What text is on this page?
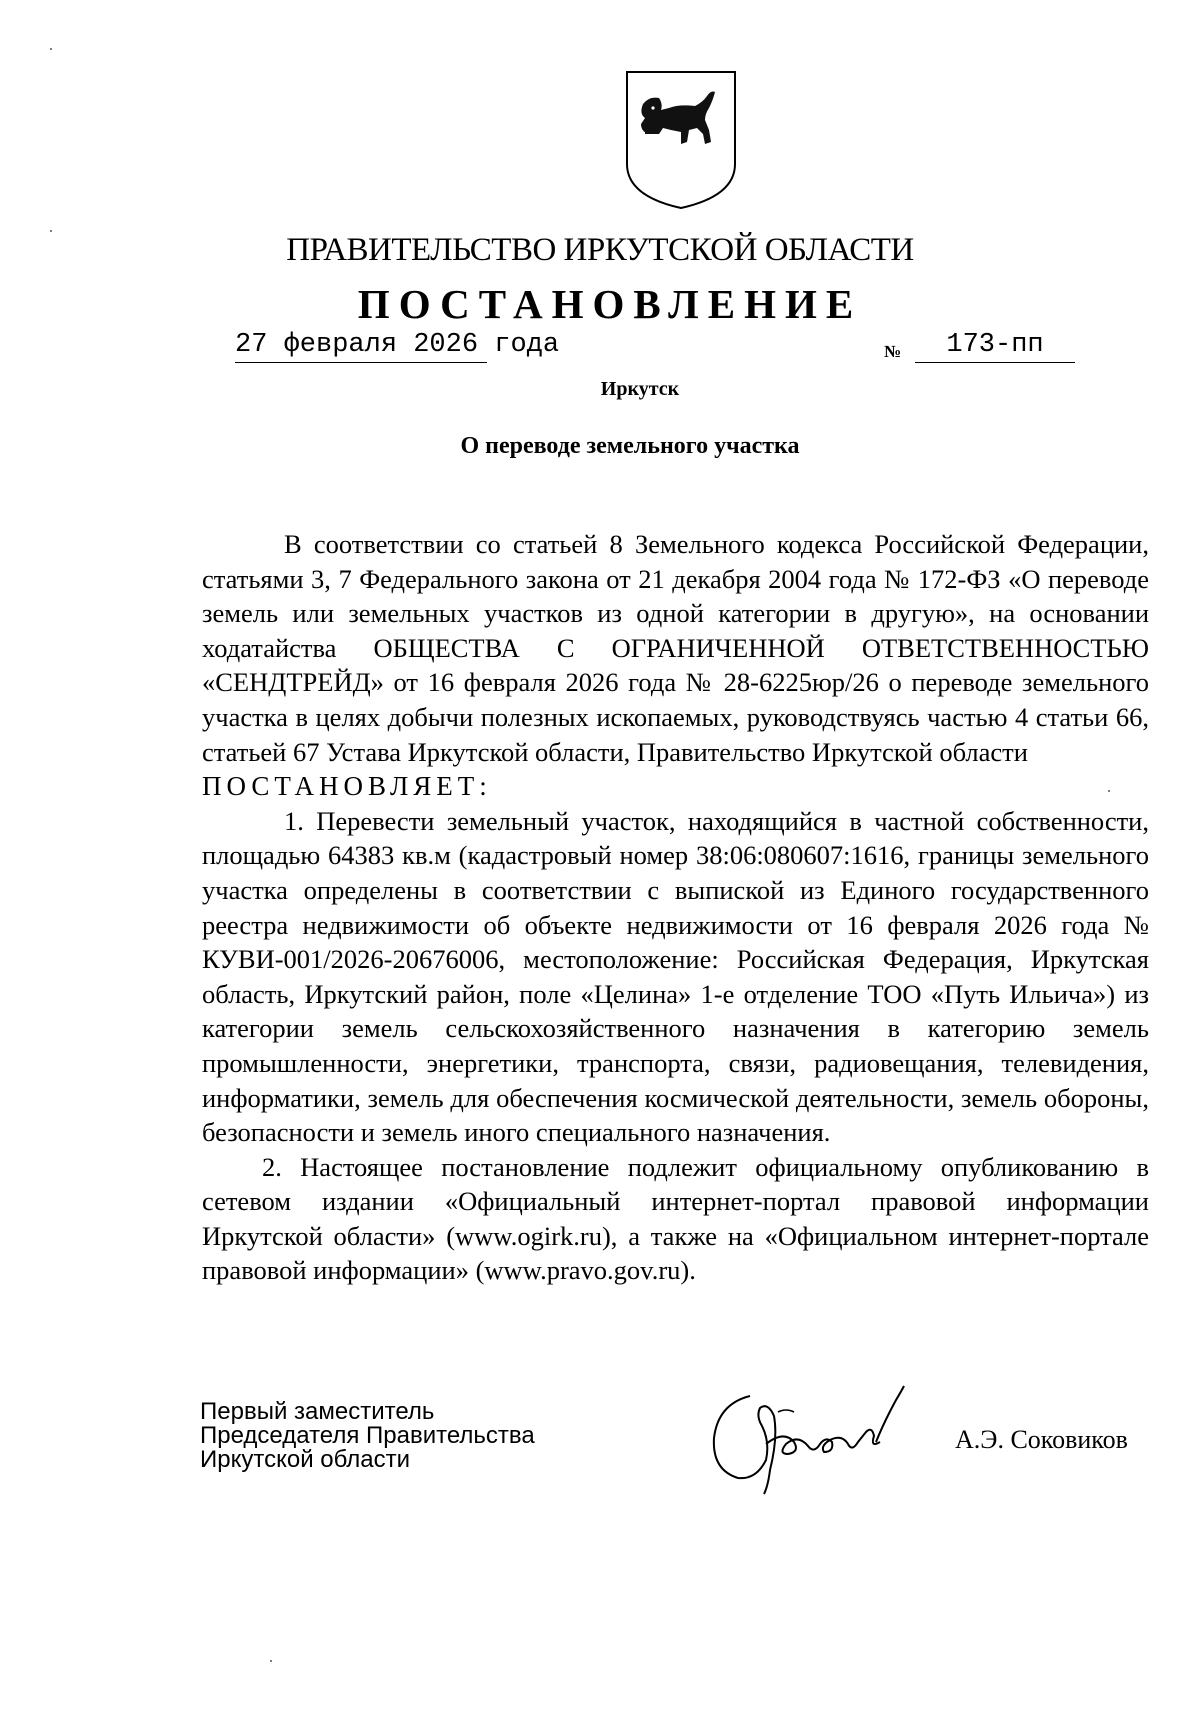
ПРАВИТЕЛЬСТВО ИРКУТСКОЙ ОБЛАСТИ
ПОСТАНОВЛЕНИЕ
27 февраля 2026 года	№	173-пп
Иркутск
О переводе земельного участка

В соответствии со статьей 8 Земельного кодекса Российской Федерации, статьями 3, 7 Федерального закона от 21 декабря 2004 года № 172-ФЗ «О переводе земель или земельных участков из одной категории в другую», на основании ходатайства ОБЩЕСТВА С ОГРАНИЧЕННОЙ ОТВЕТСТВЕННОСТЬЮ «СЕНДТРЕЙД» от 16 февраля 2026 года № 28-6225юр/26 о переводе земельного участка в целях добычи полезных ископаемых, руководствуясь частью 4 статьи 66, статьей 67 Устава Иркутской области, Правительство Иркутской области

ПОСТАНОВЛЯЕТ:

1. Перевести земельный участок, находящийся в частной собственности, площадью 64383 кв.м (кадастровый номер 38:06:080607:1616, границы земельного участка определены в соответствии с выпиской из Единого государственного реестра недвижимости об объекте недвижимости от 16 февраля 2026 года № КУВИ-001/2026-20676006, местоположение: Российская Федерация, Иркутская область, Иркутский район, поле «Целина» 1-е отделение ТОО «Путь Ильича») из категории земель сельскохозяйственного назначения в категорию земель промышленности, энергетики, транспорта, связи, радиовещания, телевидения, информатики, земель для обеспечения космической деятельности, земель обороны, безопасности и земель иного специального назначения.

2. Настоящее постановление подлежит официальному опубликованию в сетевом издании «Официальный интернет-портал правовой информации Иркутской области» (www.ogirk.ru), а также на «Официальном интернет-портале правовой информации» (www.pravo.gov.ru).

Первый заместитель
Председателя Правительства
Иркутской области
А.Э. Соковиков
